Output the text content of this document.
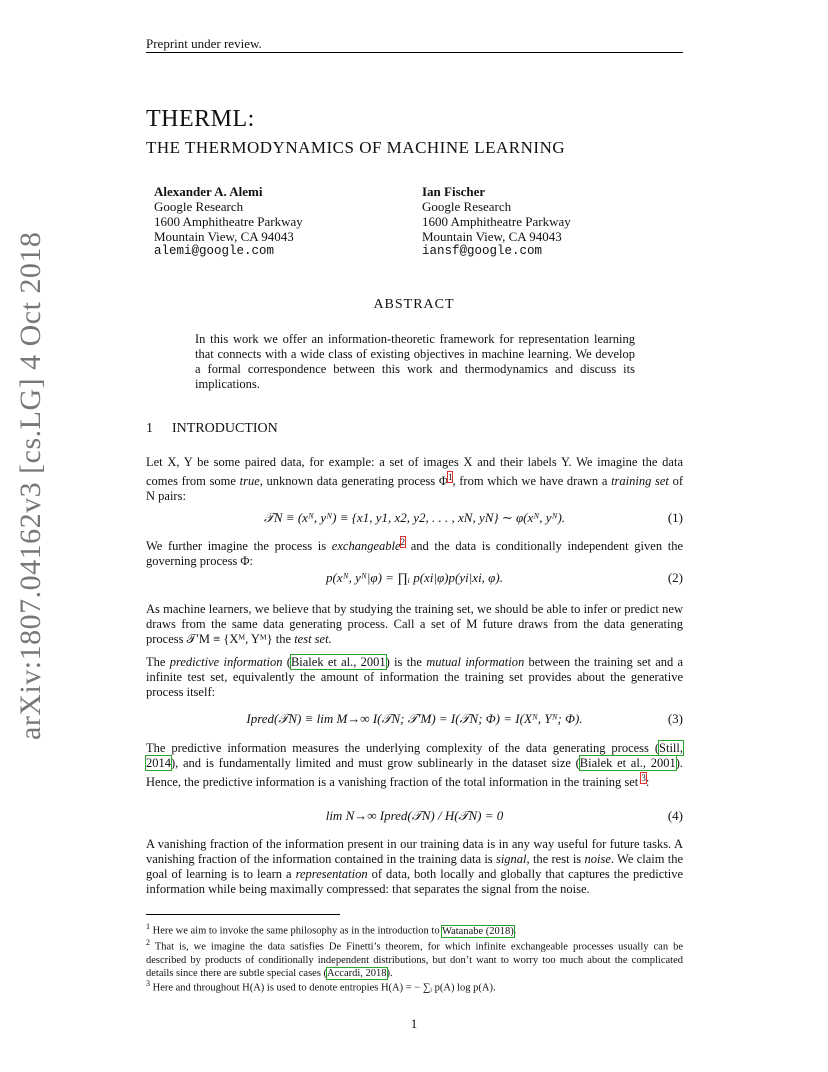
Preprint under review.
arXiv:1807.04162v3 [cs.LG] 4 Oct 2018
THERML:
THE THERMODYNAMICS OF MACHINE LEARNING
Alexander A. Alemi
Google Research
1600 Amphitheatre Parkway
Mountain View, CA 94043
alemi@google.com
Ian Fischer
Google Research
1600 Amphitheatre Parkway
Mountain View, CA 94043
iansf@google.com
ABSTRACT
In this work we offer an information-theoretic framework for representation learning that connects with a wide class of existing objectives in machine learning. We develop a formal correspondence between this work and thermodynamics and discuss its implications.
1 INTRODUCTION
Let X, Y be some paired data, for example: a set of images X and their labels Y. We imagine the data comes from some true, unknown data generating process Φ$^1$, from which we have drawn a training set of N pairs:
𝒯N ≡ (xᴺ, yᴺ) ≡ {x1, y1, x2, y2, . . . , xN, yN} ∼ φ(xᴺ, yᴺ).	(1)
We further imagine the process is exchangeable$^2$ and the data is conditionally independent given the governing process Φ:
p(xᴺ, yᴺ|φ) = ∏ᵢ p(xi|φ)p(yi|xi, φ).	(2)
As machine learners, we believe that by studying the training set, we should be able to infer or predict new draws from the same data generating process. Call a set of M future draws from the data generating process 𝒯′M ≡ {Xᴹ, Yᴹ} the test set.
The predictive information (Bialek et al., 2001) is the mutual information between the training set and a infinite test set, equivalently the amount of information the training set provides about the generative process itself:
Ipred(𝒯N) ≡ lim M→∞ I(𝒯N; 𝒯′M) = I(𝒯N; Φ) = I(Xᴺ, Yᴺ; Φ).	(3)
The predictive information measures the underlying complexity of the data generating process (Still, 2014), and is fundamentally limited and must grow sublinearly in the dataset size (Bialek et al., 2001). Hence, the predictive information is a vanishing fraction of the total information in the training set $^3$:
lim N→∞ Ipred(𝒯N) / H(𝒯N) = 0	(4)
A vanishing fraction of the information present in our training data is in any way useful for future tasks. A vanishing fraction of the information contained in the training data is signal, the rest is noise. We claim the goal of learning is to learn a representation of data, both locally and globally that captures the predictive information while being maximally compressed: that separates the signal from the noise.
$^1$ Here we aim to invoke the same philosophy as in the introduction to Watanabe (2018).
$^2$ That is, we imagine the data satisfies De Finetti’s theorem, for which infinite exchangeable processes usually can be described by products of conditionally independent distributions, but don’t want to worry too much about the complicated details since there are subtle special cases (Accardi, 2018).
$^3$ Here and throughout H(A) is used to denote entropies H(A) = − ∑ᵢ p(A) log p(A).
1
